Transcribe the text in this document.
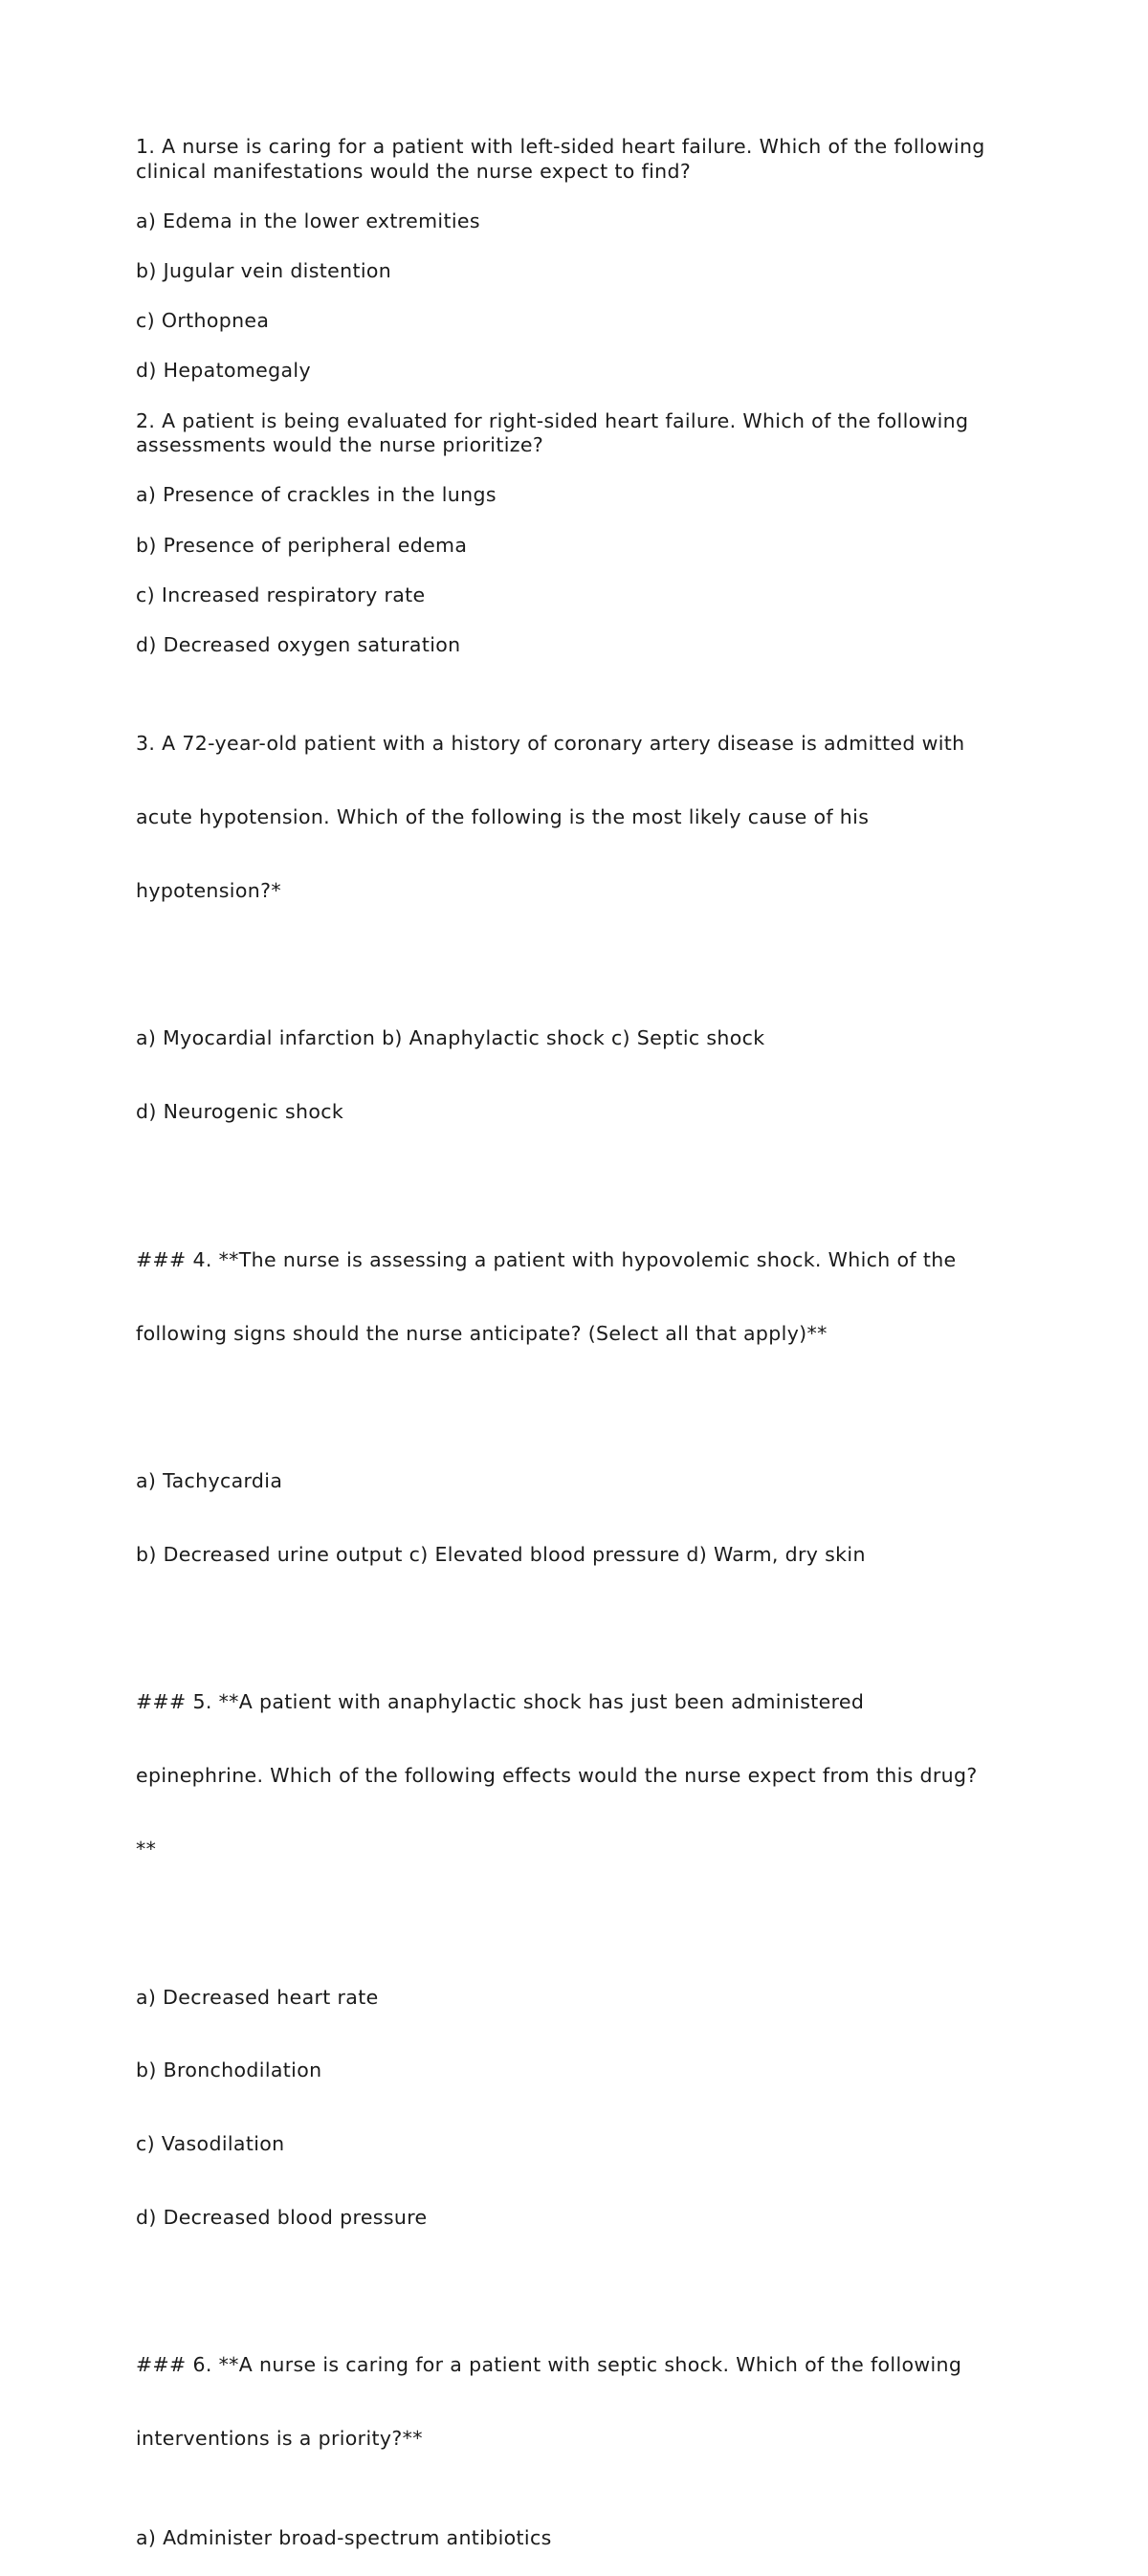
1. A nurse is caring for a patient with left-sided heart failure. Which of the following clinical manifestations would the nurse expect to find?
a) Edema in the lower extremities
b) Jugular vein distention
c) Orthopnea
d) Hepatomegaly
2. A patient is being evaluated for right-sided heart failure. Which of the following assessments would the nurse prioritize?
a) Presence of crackles in the lungs
b) Presence of peripheral edema
c) Increased respiratory rate
d) Decreased oxygen saturation

3. A 72-year-old patient with a history of coronary artery disease is admitted with

acute hypotension. Which of the following is the most likely cause of his

hypotension?*

a) Myocardial infarction b) Anaphylactic shock c) Septic shock

d) Neurogenic shock

### 4. **The nurse is assessing a patient with hypovolemic shock. Which of the

following signs should the nurse anticipate? (Select all that apply)**

a) Tachycardia

b) Decreased urine output c) Elevated blood pressure d) Warm, dry skin

### 5. **A patient with anaphylactic shock has just been administered

epinephrine. Which of the following effects would the nurse expect from this drug?

**

a) Decreased heart rate

b) Bronchodilation

c) Vasodilation

d) Decreased blood pressure

### 6. **A nurse is caring for a patient with septic shock. Which of the following

interventions is a priority?**

a) Administer broad-spectrum antibiotics
